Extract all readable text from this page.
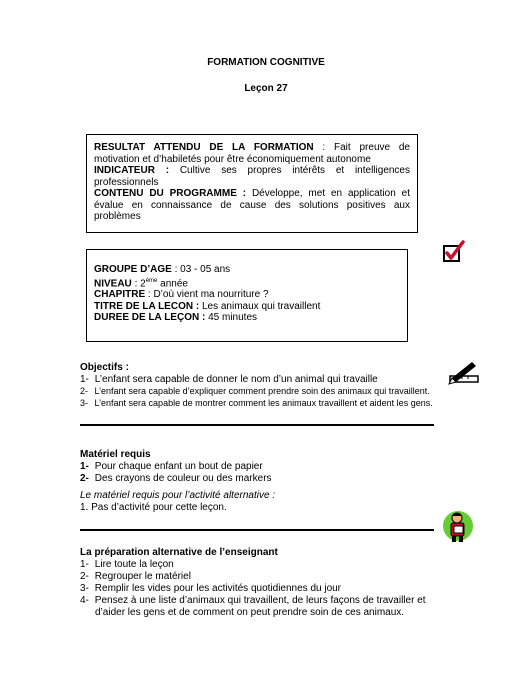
FORMATION COGNITIVE
Leçon 27

RESULTAT ATTENDU DE LA FORMATION : Fait preuve de motivation et d’habiletés pour être économiquement autonome

INDICATEUR : Cultive ses propres intérêts et intelligences professionnels

CONTENU DU PROGRAMME : Développe, met en application et évalue en connaissance de cause des solutions positives aux problèmes

GROUPE D’AGE : 03 - 05 ans

NIVEAU : 2ème année

CHAPITRE : D’où vient ma nourriture ?

TITRE DE LA LECON : Les animaux qui travaillent

DUREE DE LA LEÇON : 45 minutes

Objectifs :
1- L’enfant sera capable de donner le nom d’un animal qui travaille
2- L’enfant sera capable d’expliquer comment prendre soin des animaux qui travaillent.
3- L’enfant sera capable de montrer comment les animaux travaillent et aident les gens.
Matériel requis
1- Pour chaque enfant un bout de papier
2- Des crayons de couleur ou des markers
Le matériel requis pour l’activité alternative :
1. Pas d’activité pour cette leçon.
La préparation alternative de l’enseignant
1- Lire toute la leçon
2- Regrouper le matériel
3- Remplir les vides pour les activités quotidiennes du jour
4- Pensez à une liste d’animaux qui travaillent, de leurs façons de travailler et
d’aider les gens et de comment on peut prendre soin de ces animaux.
